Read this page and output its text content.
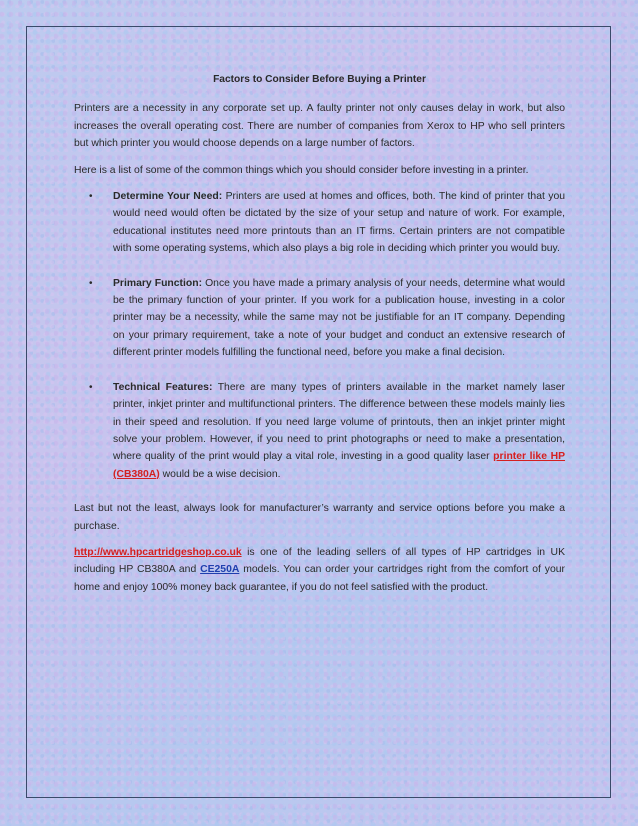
Factors to Consider Before Buying a Printer

Printers are a necessity in any corporate set up. A faulty printer not only causes delay in work, but also increases the overall operating cost. There are number of companies from Xerox to HP who sell printers but which printer you would choose depends on a large number of factors.

Here is a list of some of the common things which you should consider before investing in a printer.

• Determine Your Need: Printers are used at homes and offices, both. The kind of printer that you would need would often be dictated by the size of your setup and nature of work. For example, educational institutes need more printouts than an IT firms. Certain printers are not compatible with some operating systems, which also plays a big role in deciding which printer you would buy.
• Primary Function: Once you have made a primary analysis of your needs, determine what would be the primary function of your printer. If you work for a publication house, investing in a color printer may be a necessity, while the same may not be justifiable for an IT company. Depending on your primary requirement, take a note of your budget and conduct an extensive research of different printer models fulfilling the functional need, before you make a final decision.
• Technical Features: There are many types of printers available in the market namely laser printer, inkjet printer and multifunctional printers. The difference between these models mainly lies in their speed and resolution. If you need large volume of printouts, then an inkjet printer might solve your problem. However, if you need to print photographs or need to make a presentation, where quality of the print would play a vital role, investing in a good quality laser printer like HP (CB380A) would be a wise decision.

Last but not the least, always look for manufacturer’s warranty and service options before you make a purchase.

http://www.hpcartridgeshop.co.uk is one of the leading sellers of all types of HP cartridges in UK including HP CB380A and CE250A models. You can order your cartridges right from the comfort of your home and enjoy 100% money back guarantee, if you do not feel satisfied with the product.
